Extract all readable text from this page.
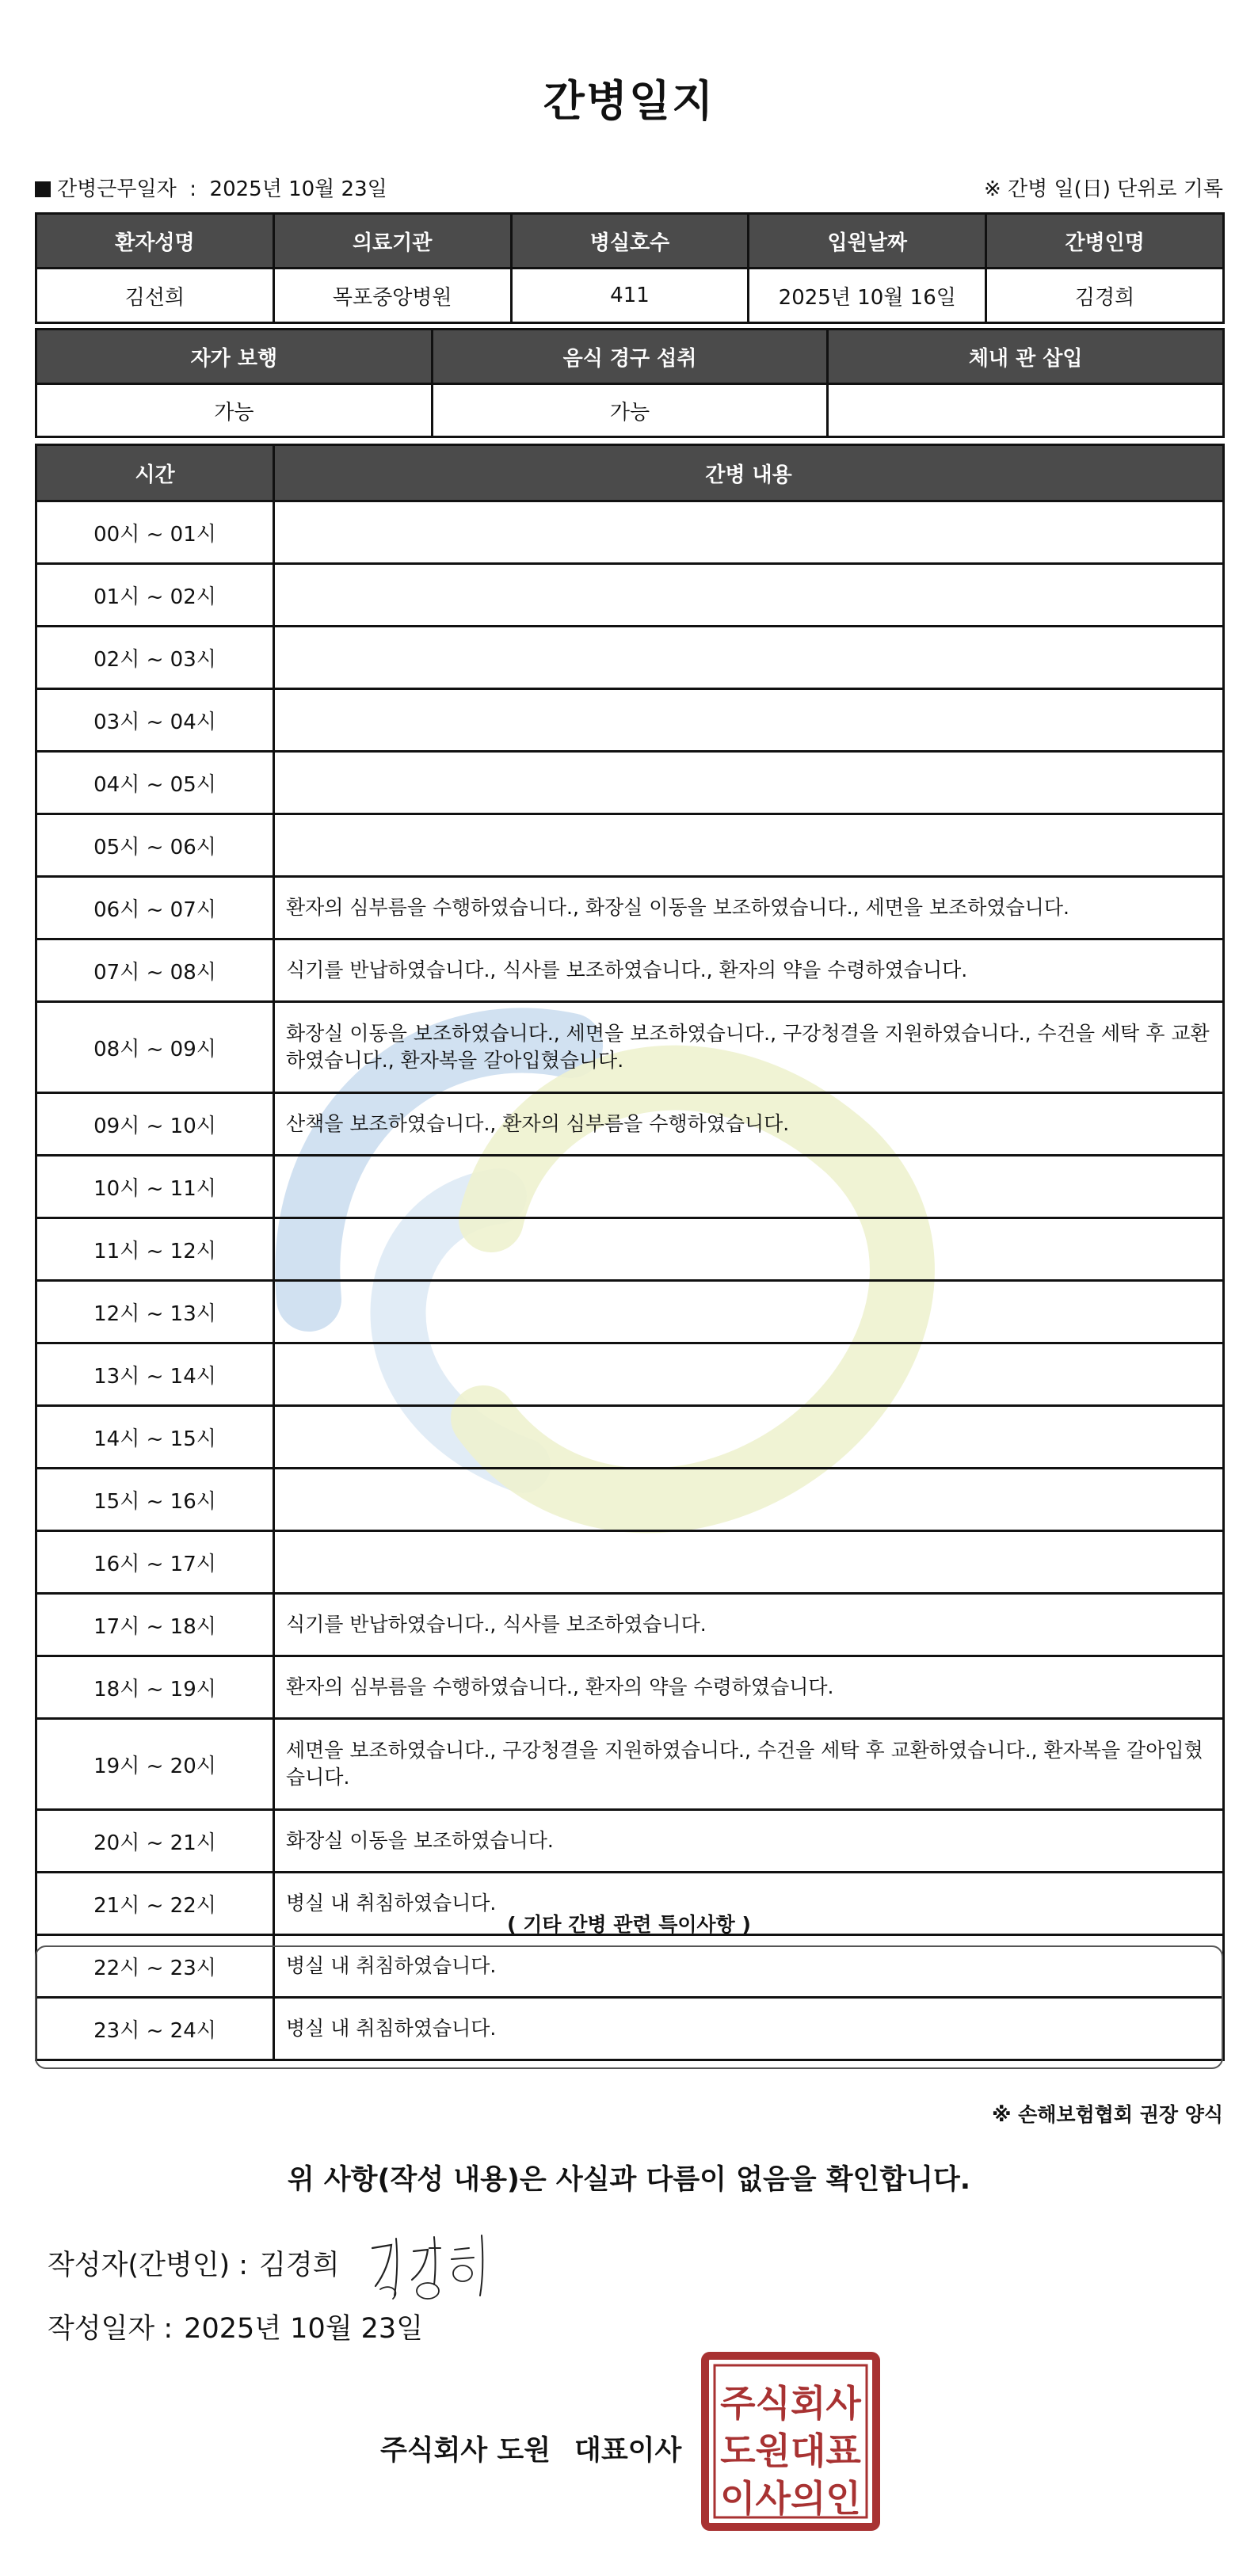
간병일지
간병근무일자  :  2025년 10월 23일	※ 간병 일(日) 단위로 기록
환자성명	의료기관	병실호수	입원날짜	간병인명
김선희	목포중앙병원	411	2025년 10월 16일	김경희
자가 보행	음식 경구 섭취	체내 관 삽입
가능	가능	
시간	간병 내용
00시 ~ 01시	
01시 ~ 02시	
02시 ~ 03시	
03시 ~ 04시	
04시 ~ 05시	
05시 ~ 06시	
06시 ~ 07시	환자의 심부름을 수행하였습니다., 화장실 이동을 보조하였습니다., 세면을 보조하였습니다.
07시 ~ 08시	식기를 반납하였습니다., 식사를 보조하였습니다., 환자의 약을 수령하였습니다.
08시 ~ 09시	화장실 이동을 보조하였습니다., 세면을 보조하였습니다., 구강청결을 지원하였습니다., 수건을 세탁 후 교환하였습니다., 환자복을 갈아입혔습니다.
09시 ~ 10시	산책을 보조하였습니다., 환자의 심부름을 수행하였습니다.
10시 ~ 11시	
11시 ~ 12시	
12시 ~ 13시	
13시 ~ 14시	
14시 ~ 15시	
15시 ~ 16시	
16시 ~ 17시	
17시 ~ 18시	식기를 반납하였습니다., 식사를 보조하였습니다.
18시 ~ 19시	환자의 심부름을 수행하였습니다., 환자의 약을 수령하였습니다.
19시 ~ 20시	세면을 보조하였습니다., 구강청결을 지원하였습니다., 수건을 세탁 후 교환하였습니다., 환자복을 갈아입혔습니다.
20시 ~ 21시	화장실 이동을 보조하였습니다.
21시 ~ 22시	병실 내 취침하였습니다.
22시 ~ 23시	병실 내 취침하였습니다.
23시 ~ 24시	병실 내 취침하였습니다.
( 기타 간병 관련 특이사항 )
※ 손해보험협회 권장 양식
위 사항(작성 내용)은 사실과 다름이 없음을 확인합니다.
작성자(간병인) : 김경희
작성일자 : 2025년 10월 23일
주식회사 도원 대표이사
주식회사
도원대표
이사의인
